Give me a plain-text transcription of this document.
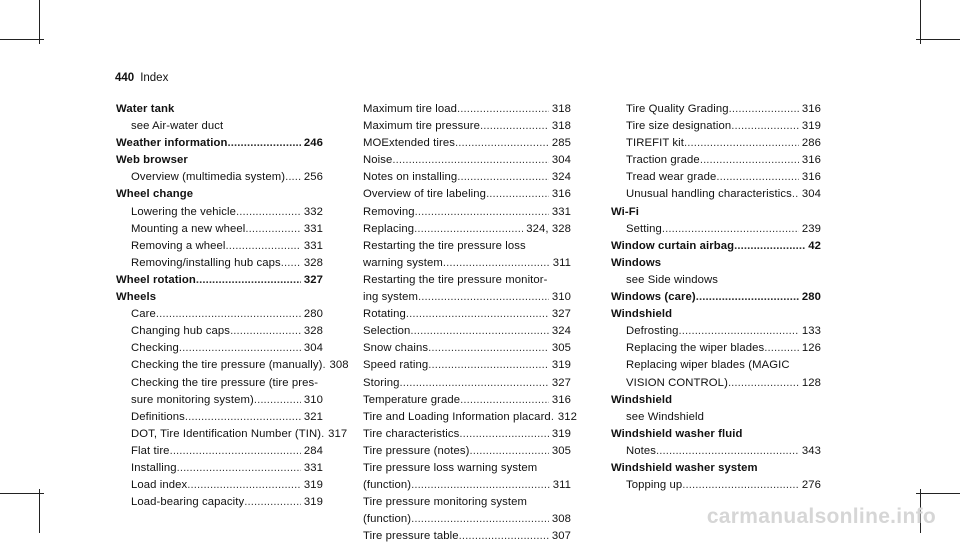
440 Index
Water tank
see Air-water duct
Weather information .....	246
Web browser
Overview (multimedia system) ..... 256
Wheel change
Lowering the vehicle .....	332
Mounting a new wheel .....	331
Removing a wheel .....	331
Removing/installing hub caps ..... 328
Wheel rotation .....	327
Wheels
Care .....	280
Changing hub caps .....	328
Checking .....	304
Checking the tire pressure (manually) ..... 308
Checking the tire pressure (tire pres-
sure monitoring system) .....	310
Definitions .....	321
DOT, Tire Identification Number (TIN) ..... 317
Flat tire .....	284
Installing .....	331
Load index .....	319
Load-bearing capacity .....	319
Maximum tire load .....	318
Maximum tire pressure .....	318
MOExtended tires .....	285
Noise .....	304
Notes on installing .....	324
Overview of tire labeling .....	316
Removing .....	331
Replacing .....	324, 328
Restarting the tire pressure loss
warning system .....	311
Restarting the tire pressure monitor-
ing system .....	310
Rotating .....	327
Selection .....	324
Snow chains .....	305
Speed rating .....	319
Storing .....	327
Temperature grade .....	316
Tire and Loading Information placard ..... 312
Tire characteristics .....	319
Tire pressure (notes) .....	305
Tire pressure loss warning system
(function) .....	311
Tire pressure monitoring system
(function) .....	308
Tire pressure table .....	307
Tire Quality Grading .....	316
Tire size designation .....	319
TIREFIT kit .....	286
Traction grade .....	316
Tread wear grade .....	316
Unusual handling characteristics ..... 304
Wi-Fi
Setting .....	239
Window curtain airbag .....	42
Windows
see Side windows
Windows (care) .....	280
Windshield
Defrosting .....	133
Replacing the wiper blades .....	126
Replacing wiper blades (MAGIC
VISION CONTROL) .....	128
Windshield
see Windshield
Windshield washer fluid
Notes .....	343
Windshield washer system
Topping up .....	276
carmanualsonline.info
